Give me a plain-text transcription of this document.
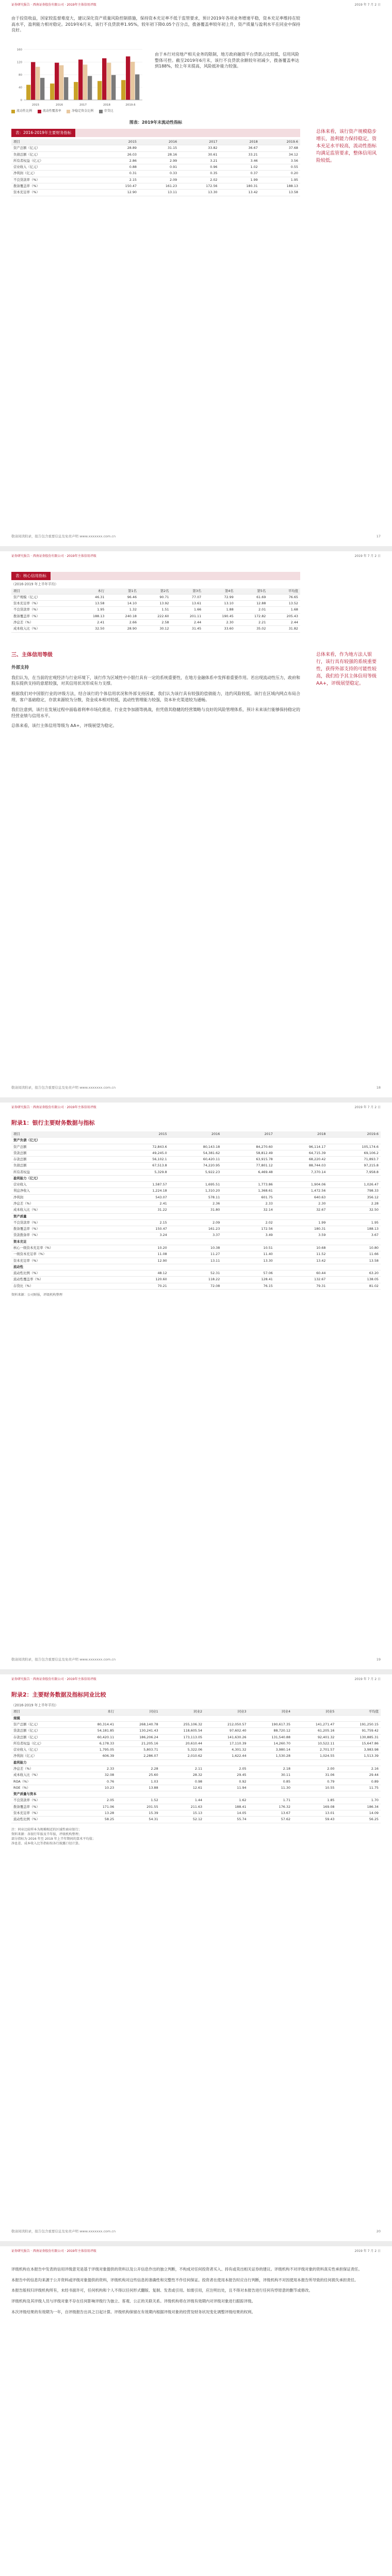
证券研究报告 · 西南证券股份有限公司 · 2019年主体信用评级	2019 年 7 月 2 日

由于投资收益，国家较监督难度大，建议深化资产质量风险控制措施，保持资本充足率不低于监管要求，预计2019年各项业务增速平稳，资本充足率维持在较高水平，盈利能力相对稳定。2019年6月末，该行不良贷款率1.95%，较年初下降0.05个百分点，拨备覆盖率较年初上升，资产质量与盈利水平在同业中保持良好。

0
40
80
120
160
2015	2016	2017	2018	2019.6
流动性比例
	流动性覆盖率
	净稳定资金比例
	存贷比

由于本行对房地产相关业务的限制，地方政府融资平台贷款占比较低，信用风险整体可控。截至2019年6月末，该行不良贷款余额较年初减少，拨备覆盖率达到188%，较上年末提高，风险抵补能力较强。

图表：2019年末流动性指标
表：2016-2019年主要财务指标
项目	2015	2016	2017	2018	2019.6
资产总额（亿元）	28.89	31.15	33.82	36.67	37.68
负债总额（亿元）	26.03	28.16	30.61	33.21	34.12
所有者权益（亿元）	2.86	2.99	3.21	3.46	3.56
营业收入（亿元）	0.88	0.91	0.96	1.02	0.55
净利润（亿元）	0.31	0.33	0.35	0.37	0.20
不良贷款率（%）	2.15	2.09	2.02	1.99	1.95
拨备覆盖率（%）	150.47	161.23	172.56	180.31	188.13
资本充足率（%）	12.90	13.11	13.30	13.42	13.58
总体来看，该行资产规模稳步增长，盈利能力保持稳定，资本充足水平较高，流动性指标均满足监管要求，整体信用风险较低。
敬请阅读附录，报告包含重要信息及免责声明 www.xxxxxxx.com.cn	17
证券研究报告 · 西南证券股份有限公司 · 2019年主体信用评级	2019 年 7 月 2 日
表：核心信用指标
（2016-2019 年上半年平均）
项目	本行	第1名	第2名	第3名	第4名	第5名	平均值
资产规模（亿元）	46.31	96.46	90.71	77.07	72.99	61.69	76.65
资本充足率（%）	13.58	14.10	13.92	13.61	13.10	12.88	13.52
不良贷款率（%）	1.95	1.32	1.51	1.66	1.88	2.01	1.68
拨备覆盖率（%）	188.13	240.18	222.60	201.11	190.45	172.82	205.43
净息差（%）	2.41	2.66	2.58	2.44	2.30	2.21	2.44
成本收入比（%）	32.50	28.90	30.12	31.45	33.60	35.02	31.82
三、主体信用等级
外部支持

我们认为，在当前的宏观经济与行业环境下，该行作为区域性中小银行具有一定的系统重要性，在地方金融体系中发挥着重要作用。若出现流动性压力，政府和股东提供支持的意愿较强，对其信用状况形成有力支撑。

根据我们对中国银行业的评级方法，结合该行的个体信用状况和外部支持因素，我们认为该行具有较强的偿债能力，违约风险较低。该行在区域内网点布局合理，客户基础稳定，存款来源较为分散，资金成本相对较低，流动性管理能力较强，资本补充渠道较为通畅。

我们注意到，该行在发展过程中面临着利率市场化推进、行业竞争加剧等挑战，但凭借其稳健的经营策略与良好的风险管理体系，预计未来该行能够保持稳定的经营业绩与信用水平。

总体来看，该行主体信用等级为 AA+，评级展望为稳定。

总体来看，作为地方法人银行，该行具有较强的系统重要性，获得外部支持的可能性较高，我们给予其主体信用等级 AA+，评级展望稳定。
敬请阅读附录，报告包含重要信息及免责声明 www.xxxxxxx.com.cn	18
证券研究报告 · 西南证券股份有限公司 · 2019年主体信用评级	2019 年 7 月 2 日
附录1：银行主要财务数据与指标
项目	2015	2016	2017	2018	2019.6
资产负债（亿元）					
资产总额	72,843.6	80,143.18	84,270.60	96,114.17	105,174.6
贷款总额	49,245.0	54,381.62	58,812.49	64,715.39	69,106.2
存款总额	56,102.1	60,420.11	63,915.78	68,220.42	71,893.7
负债总额	67,513.8	74,220.95	77,801.12	88,744.03	97,215.8
所有者权益	5,329.8	5,922.23	6,469.48	7,370.14	7,958.8
盈利能力（亿元）					
营业收入	1,587.57	1,695.51	1,773.86	1,904.06	1,026.47
利息净收入	1,224.18	1,310.20	1,368.61	1,472.56	798.33
净利润	543.07	578.11	601.75	640.63	356.12
净息差（%）	2.41	2.36	2.33	2.30	2.28
成本收入比（%）	31.22	31.80	32.14	32.67	32.50
资产质量					
不良贷款率（%）	2.15	2.09	2.02	1.99	1.95
拨备覆盖率（%）	150.47	161.23	172.56	180.31	188.13
贷款拨备率（%）	3.24	3.37	3.49	3.59	3.67
资本充足					
核心一级资本充足率（%）	10.20	10.38	10.51	10.68	10.80
一级资本充足率（%）	11.08	11.27	11.40	11.52	11.66
资本充足率（%）	12.90	13.11	13.30	13.42	13.58
流动性					
流动性比例（%）	48.12	52.31	57.06	60.44	63.20
流动性覆盖率（%）	120.60	118.22	128.41	132.67	138.05
存贷比（%）	70.21	72.08	76.15	79.31	81.02
资料来源：公司财报，评级机构整理
敬请阅读附录，报告包含重要信息及免责声明 www.xxxxxxx.com.cn	19
证券研究报告 · 西南证券股份有限公司 · 2019年主体信用评级	2019 年 7 月 2 日
附录2：主要财务数据及指标同业比较
（2016-2019 年上半年平均）
项目	本行	同业1	同业2	同业3	同业4	同业5	平均值
规模							
资产总额（亿元）	80,314.41	268,140.78	255,106.32	212,050.57	190,617.35	141,271.47	191,250.15
贷款总额（亿元）	54,181.85	130,241.43	118,605.54	97,602.40	88,720.12	61,205.16	91,759.42
存款总额（亿元）	60,420.11	186,206.24	173,113.05	141,630.26	131,540.88	92,401.32	130,885.31
所有者权益（亿元）	6,178.33	21,205.16	20,610.44	17,110.39	14,260.70	10,522.11	15,647.86
营业收入（亿元）	1,795.05	5,803.71	5,322.06	4,301.32	3,980.14	2,701.57	3,983.98
净利润（亿元）	606.39	2,286.07	2,010.62	1,622.44	1,530.28	1,024.55	1,513.39
盈利能力							
净息差（%）	2.33	2.28	2.11	2.05	2.18	2.00	2.16
成本收入比（%）	32.08	25.60	28.32	29.45	30.11	31.06	29.44
ROA（%）	0.76	1.03	0.98	0.92	0.85	0.79	0.89
ROE（%）	10.23	13.88	12.61	11.94	11.30	10.55	11.75
资产质量与资本							
不良贷款率（%）	2.05	1.52	1.44	1.62	1.71	1.85	1.70
拨备覆盖率（%）	171.06	201.55	211.63	188.41	176.32	169.08	186.34
资本充足率（%）	13.28	15.39	15.13	14.05	13.67	13.01	14.09
流动性比例（%）	58.25	54.31	52.12	55.74	57.62	59.43	56.25
注：同业比较样本为规模相近的区域性商业银行；
资料来源：各银行年报及半年报，评级机构整理；
部分指标为 2016 年至 2019 年上半年期间的算术平均值；
净息差、成本收入比等指标按各行披露口径计算。
敬请阅读附录，报告包含重要信息及免责声明 www.xxxxxxx.com.cn	20
证券研究报告 · 西南证券股份有限公司 · 2019年主体信用评级	2019 年 7 月 2 日

评级机构在本报告中发表的信用评级意见是基于评级对象提供的资料以及公开信息作出的独立判断，不构成对任何投资者买入、持有或卖出相关证券的建议。评级机构不对评级对象的资料真实性承担保证责任。

本报告中的信息均来源于公开资料或评级对象提供的资料，评级机构对这些信息的准确性和完整性不作任何保证。投资者在使用本报告时应自行判断，评级机构不对因使用本报告所导致的任何损失承担责任。

本报告版权归评级机构所有，未经书面许可，任何机构和个人不得以任何形式翻版、复制、发表或引用。如需引用，应注明出处，且不得对本报告进行任何有悖原意的删节或修改。

评级机构及其评级人员与评级对象不存在任何影响评级行为独立、客观、公正的关联关系。评级机构将在评级有效期内对评级对象进行跟踪评级。

本次评级结果的有效期为一年，自评级报告出具之日起计算。评级机构保留在有效期内根据评级对象的经营及财务状况变化调整评级结果的权利。
